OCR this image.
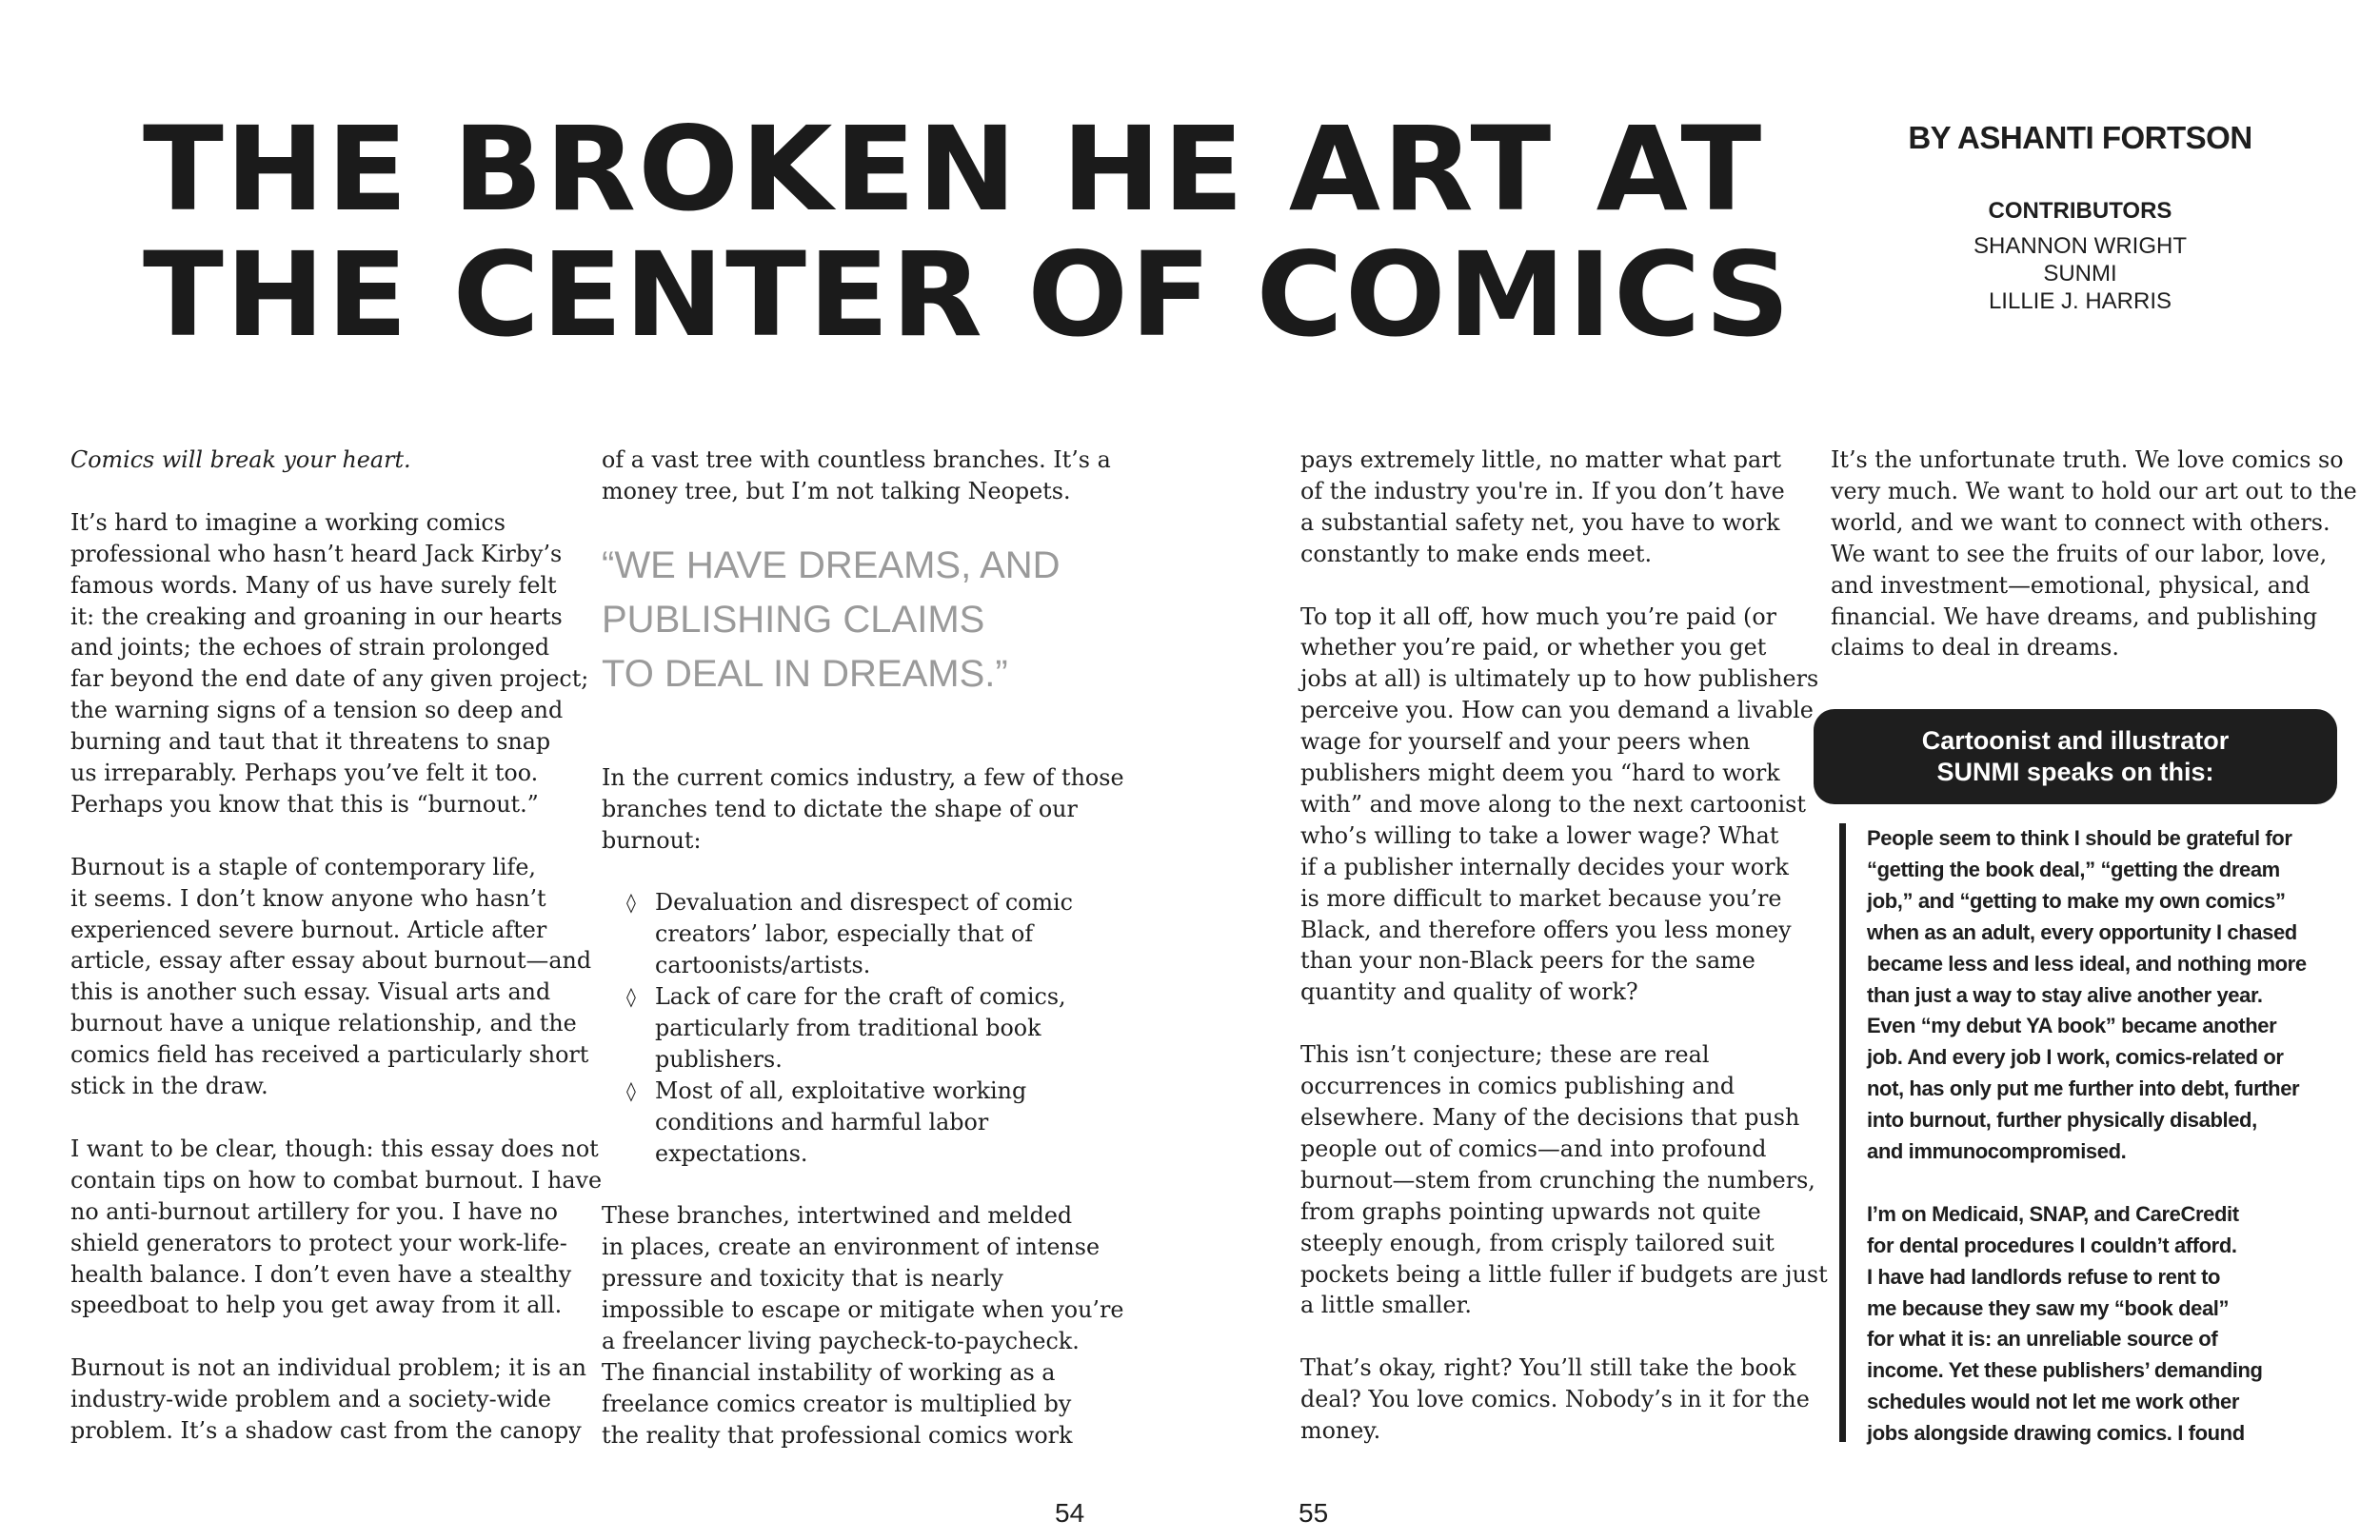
THE BROKEN HE ART AT
THE CENTER OF COMICS
BY ASHANTI FORTSON
CONTRIBUTORS
SHANNON WRIGHT
SUNMI
LILLIE J. HARRIS

Comics will break your heart.

It’s hard to imagine a working comics
professional who hasn’t heard Jack Kirby’s
famous words. Many of us have surely felt
it: the creaking and groaning in our hearts
and joints; the echoes of strain prolonged
far beyond the end date of any given project;
the warning signs of a tension so deep and
burning and taut that it threatens to snap
us irreparably. Perhaps you’ve felt it too.
Perhaps you know that this is “burnout.”

Burnout is a staple of contemporary life,
it seems. I don’t know anyone who hasn’t
experienced severe burnout. Article after
article, essay after essay about burnout—and
this is another such essay. Visual arts and
burnout have a unique relationship, and the
comics field has received a particularly short
stick in the draw.

I want to be clear, though: this essay does not
contain tips on how to combat burnout. I have
no anti-burnout artillery for you. I have no
shield generators to protect your work-life-
health balance. I don’t even have a stealthy
speedboat to help you get away from it all.

Burnout is not an individual problem; it is an
industry-wide problem and a society-wide
problem. It’s a shadow cast from the canopy

of a vast tree with countless branches. It’s a
money tree, but I’m not talking Neopets.

“WE HAVE DREAMS, AND
PUBLISHING CLAIMS
TO DEAL IN DREAMS.”

In the current comics industry, a few of those
branches tend to dictate the shape of our
burnout:

◊ Devaluation and disrespect of comic
creators’ labor, especially that of
cartoonists/artists.
◊ Lack of care for the craft of comics,
particularly from traditional book
publishers.
◊ Most of all, exploitative working
conditions and harmful labor
expectations.

These branches, intertwined and melded
in places, create an environment of intense
pressure and toxicity that is nearly
impossible to escape or mitigate when you’re
a freelancer living paycheck-to-paycheck.
The financial instability of working as a
freelance comics creator is multiplied by
the reality that professional comics work

pays extremely little, no matter what part
of the industry you're in. If you don’t have
a substantial safety net, you have to work
constantly to make ends meet.

To top it all off, how much you’re paid (or
whether you’re paid, or whether you get
jobs at all) is ultimately up to how publishers
perceive you. How can you demand a livable
wage for yourself and your peers when
publishers might deem you “hard to work
with” and move along to the next cartoonist
who’s willing to take a lower wage? What
if a publisher internally decides your work
is more difficult to market because you’re
Black, and therefore offers you less money
than your non-Black peers for the same
quantity and quality of work?

This isn’t conjecture; these are real
occurrences in comics publishing and
elsewhere. Many of the decisions that push
people out of comics—and into profound
burnout—stem from crunching the numbers,
from graphs pointing upwards not quite
steeply enough, from crisply tailored suit
pockets being a little fuller if budgets are just
a little smaller.

That’s okay, right? You’ll still take the book
deal? You love comics. Nobody’s in it for the
money.

It’s the unfortunate truth. We love comics so
very much. We want to hold our art out to the
world, and we want to connect with others.
We want to see the fruits of our labor, love,
and investment—emotional, physical, and
financial. We have dreams, and publishing
claims to deal in dreams.

Cartoonist and illustrator
SUNMI speaks on this:

People seem to think I should be grateful for
“getting the book deal,” “getting the dream
job,” and “getting to make my own comics”
when as an adult, every opportunity I chased
became less and less ideal, and nothing more
than just a way to stay alive another year.
Even “my debut YA book” became another
job. And every job I work, comics-related or
not, has only put me further into debt, further
into burnout, further physically disabled,
and immunocompromised.

I’m on Medicaid, SNAP, and CareCredit
for dental procedures I couldn’t afford.
I have had landlords refuse to rent to
me because they saw my “book deal”
for what it is: an unreliable source of
income. Yet these publishers’ demanding
schedules would not let me work other
jobs alongside drawing comics. I found

54	55
